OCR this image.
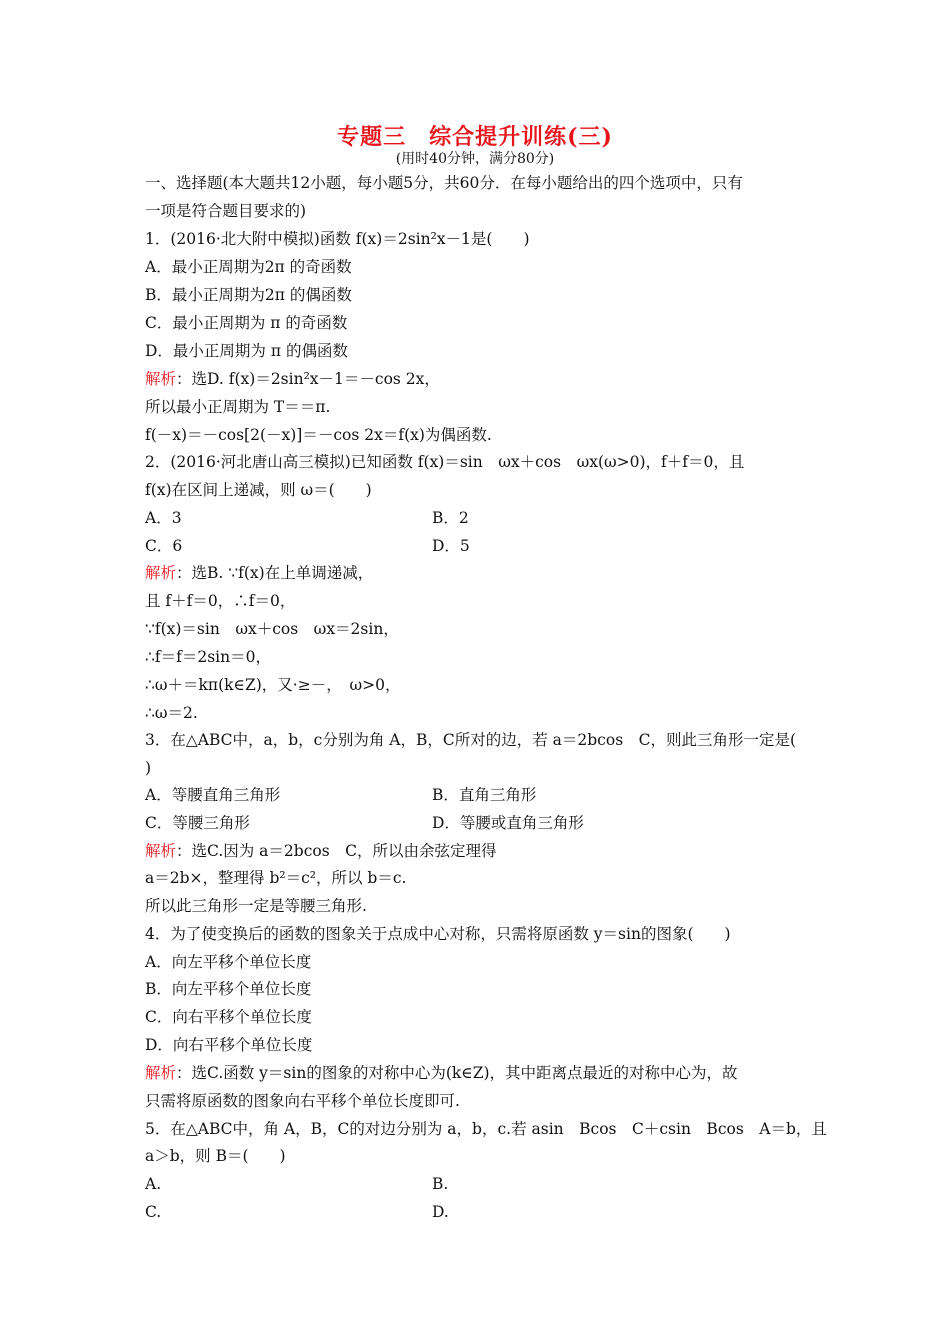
专题三　综合提升训练(三)
(用时40分钟，满分80分)
一、选择题(本大题共12小题，每小题5分，共60分．在每小题给出的四个选项中，只有
一项是符合题目要求的)
1．(2016·北大附中模拟)函数 f(x)＝2sin²x－1是(　　)
A．最小正周期为2π 的奇函数
B．最小正周期为2π 的偶函数
C．最小正周期为 π 的奇函数
D．最小正周期为 π 的偶函数
解析：选D. f(x)＝2sin²x－1＝－cos 2x，
所以最小正周期为 T＝＝π.
f(－x)＝－cos[2(－x)]＝－cos 2x＝f(x)为偶函数.
2．(2016·河北唐山高三模拟)已知函数 f(x)＝sin　ωx＋cos　ωx(ω>0)，f＋f＝0，且
f(x)在区间上递减，则 ω＝(　　)
A．3	B．2
C．6	D．5
解析：选B. ∵f(x)在上单调递减，
且 f＋f＝0，∴f＝0，
∵f(x)＝sin　ωx＋cos　ωx＝2sin，
∴f＝f＝2sin＝0，
∴ω＋＝kπ(k∈Z)，又·≥－，　ω>0，
∴ω＝2.
3．在△ABC中，a，b，c分别为角 A，B，C所对的边，若 a＝2bcos　C，则此三角形一定是(
)
A．等腰直角三角形	B．直角三角形
C．等腰三角形	D．等腰或直角三角形
解析：选C.因为 a＝2bcos　C，所以由余弦定理得
a＝2b×，整理得 b²＝c²，所以 b＝c.
所以此三角形一定是等腰三角形.
4．为了使变换后的函数的图象关于点成中心对称，只需将原函数 y＝sin的图象(　　)
A．向左平移个单位长度
B．向左平移个单位长度
C．向右平移个单位长度
D．向右平移个单位长度
解析：选C.函数 y＝sin的图象的对称中心为(k∈Z)，其中距离点最近的对称中心为，故
只需将原函数的图象向右平移个单位长度即可.
5．在△ABC中，角 A，B，C的对边分别为 a，b，c.若 asin　Bcos　C＋csin　Bcos　A＝b，且
a＞b，则 B＝(　　)
A.	B.
C.	D.
